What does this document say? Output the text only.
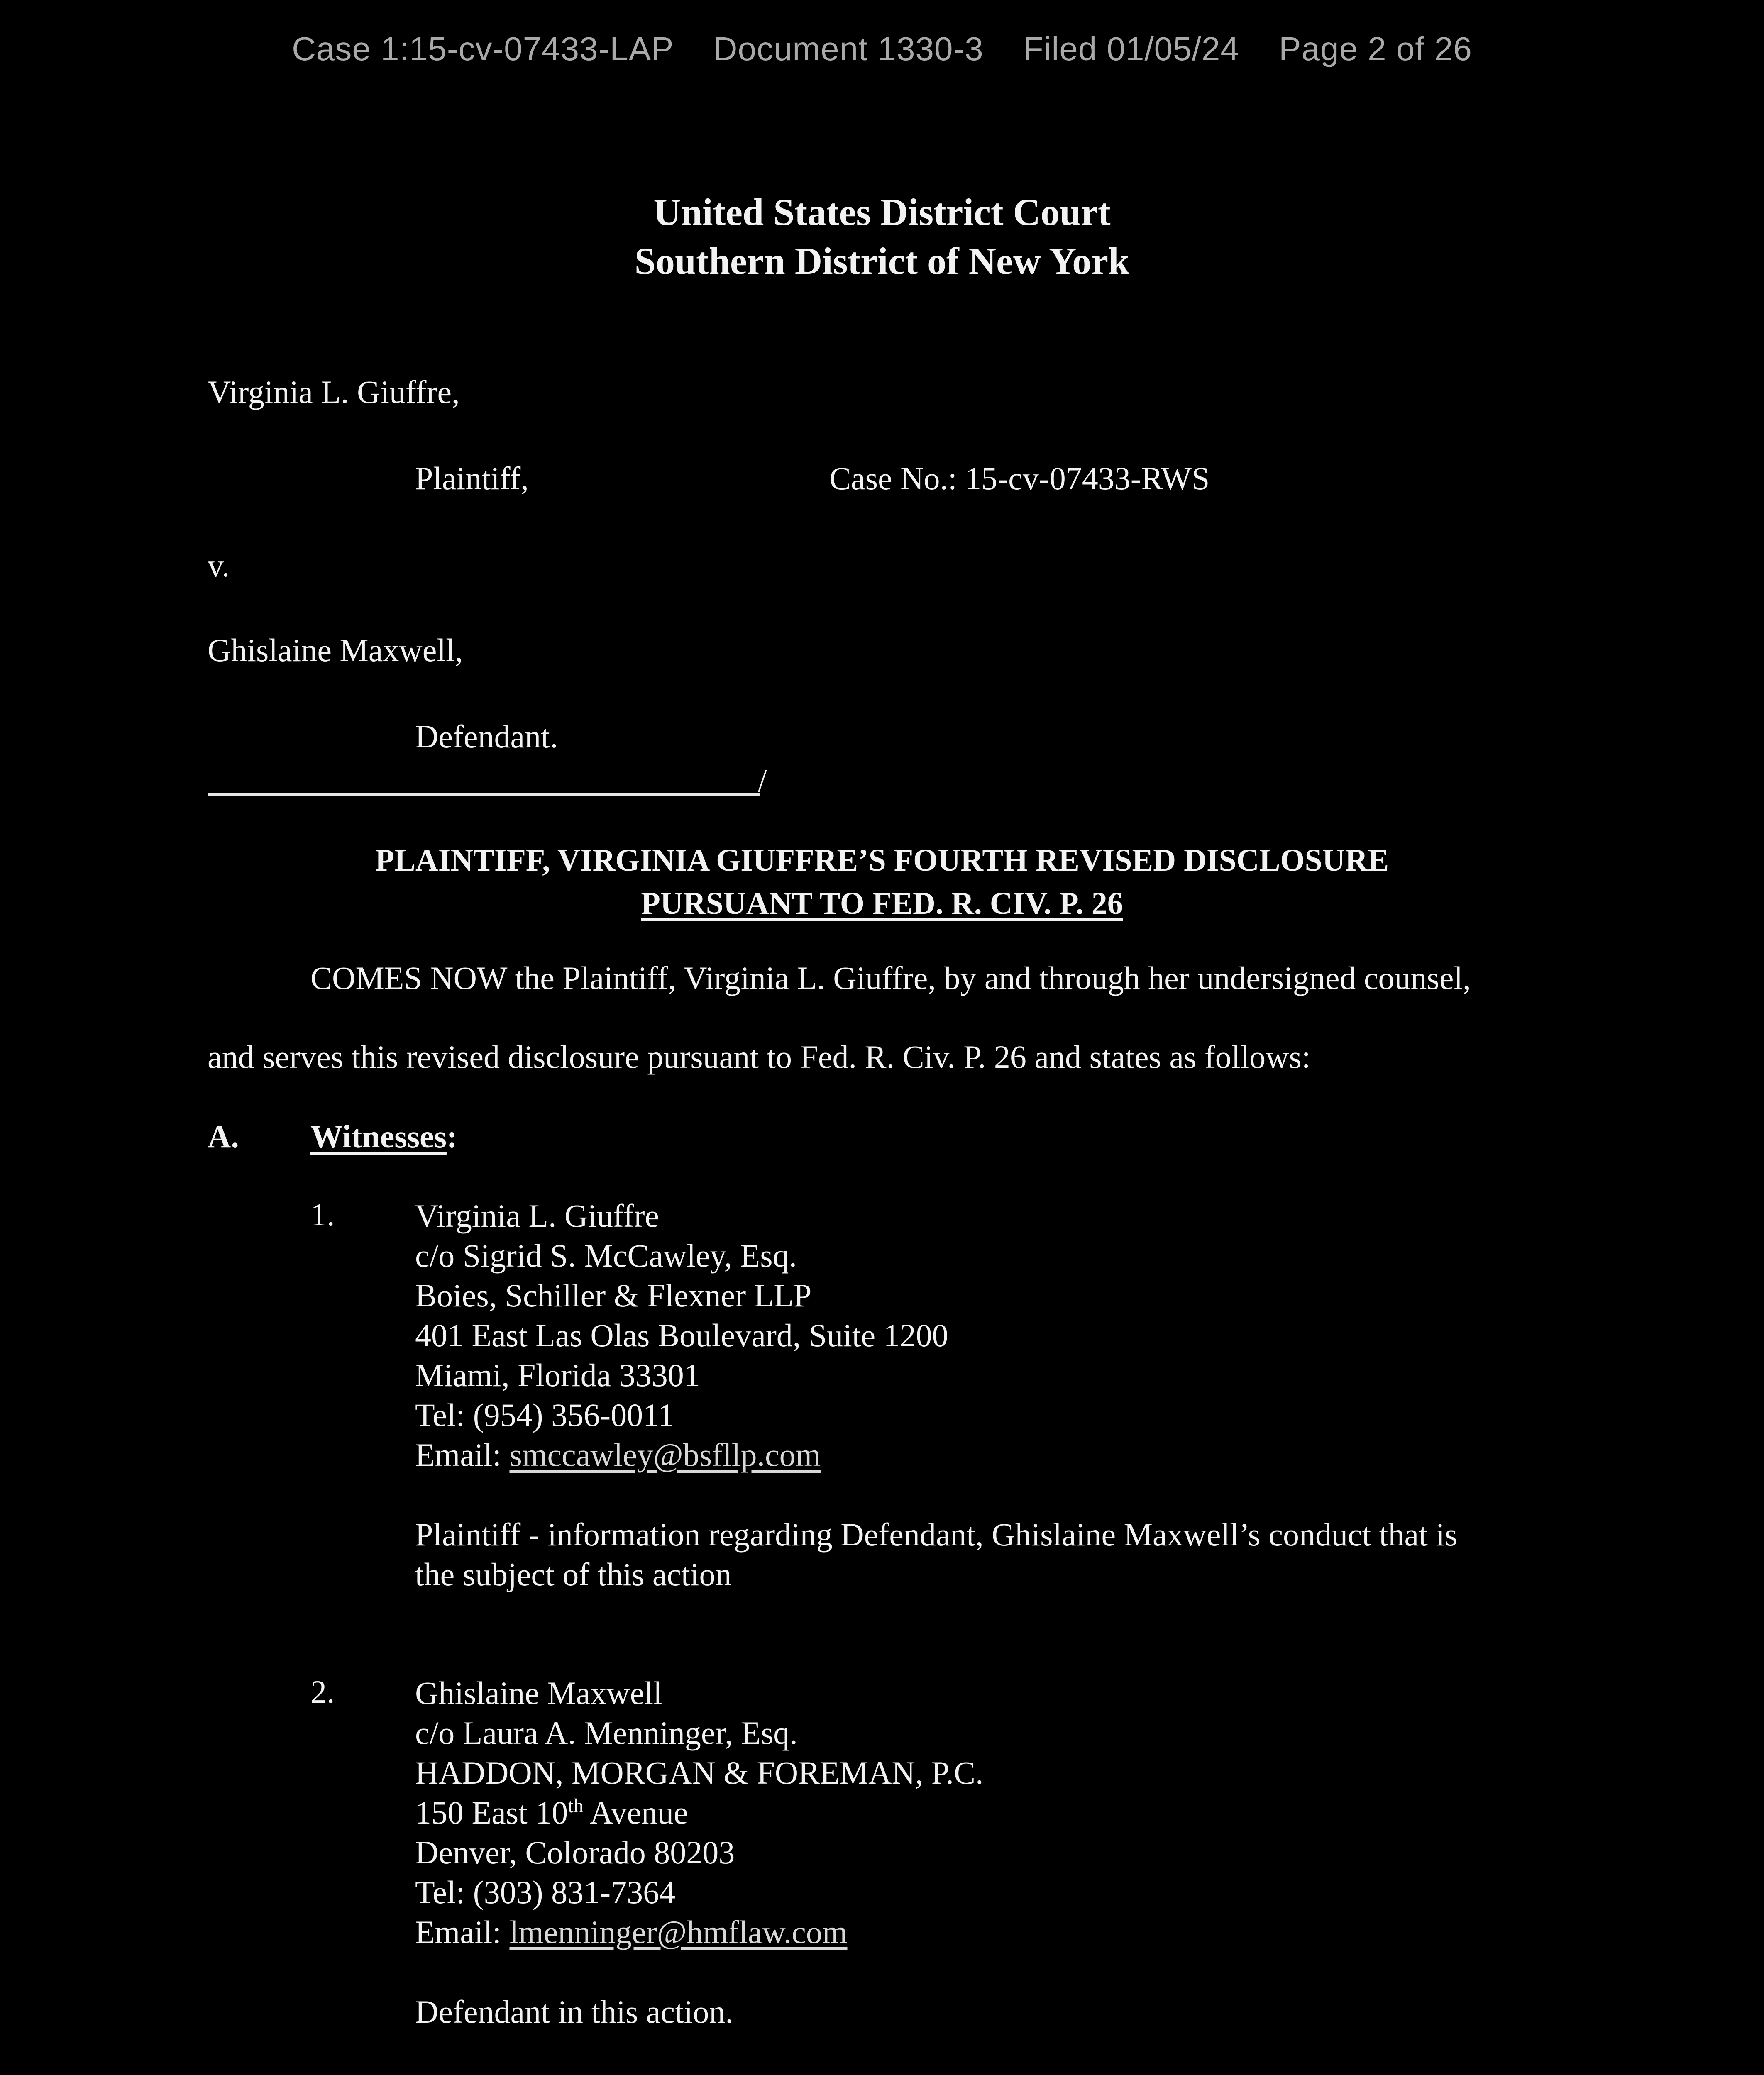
Case 1:15-cv-07433-LAP Document 1330-3 Filed 01/05/24 Page 2 of 26
United States District Court
Southern District of New York
Virginia L. Giuffre,
Plaintiff,	Case No.: 15-cv-07433-RWS
v.
Ghislaine Maxwell,
Defendant.
/
PLAINTIFF, VIRGINIA GIUFFRE’S FOURTH REVISED DISCLOSURE
PURSUANT TO FED. R. CIV. P. 26
COMES NOW the Plaintiff, Virginia L. Giuffre, by and through her undersigned counsel,
and serves this revised disclosure pursuant to Fed. R. Civ. P. 26 and states as follows:
A. Witnesses:
1. Virginia L. Giuffre
c/o Sigrid S. McCawley, Esq.
Boies, Schiller & Flexner LLP
401 East Las Olas Boulevard, Suite 1200
Miami, Florida 33301
Tel: (954) 356-0011
Email: smccawley@bsfllp.com
Plaintiff - information regarding Defendant, Ghislaine Maxwell’s conduct that is
the subject of this action
2. Ghislaine Maxwell
c/o Laura A. Menninger, Esq.
HADDON, MORGAN & FOREMAN, P.C.
150 East 10th Avenue
Denver, Colorado 80203
Tel: (303) 831-7364
Email: lmenninger@hmflaw.com
Defendant in this action.
